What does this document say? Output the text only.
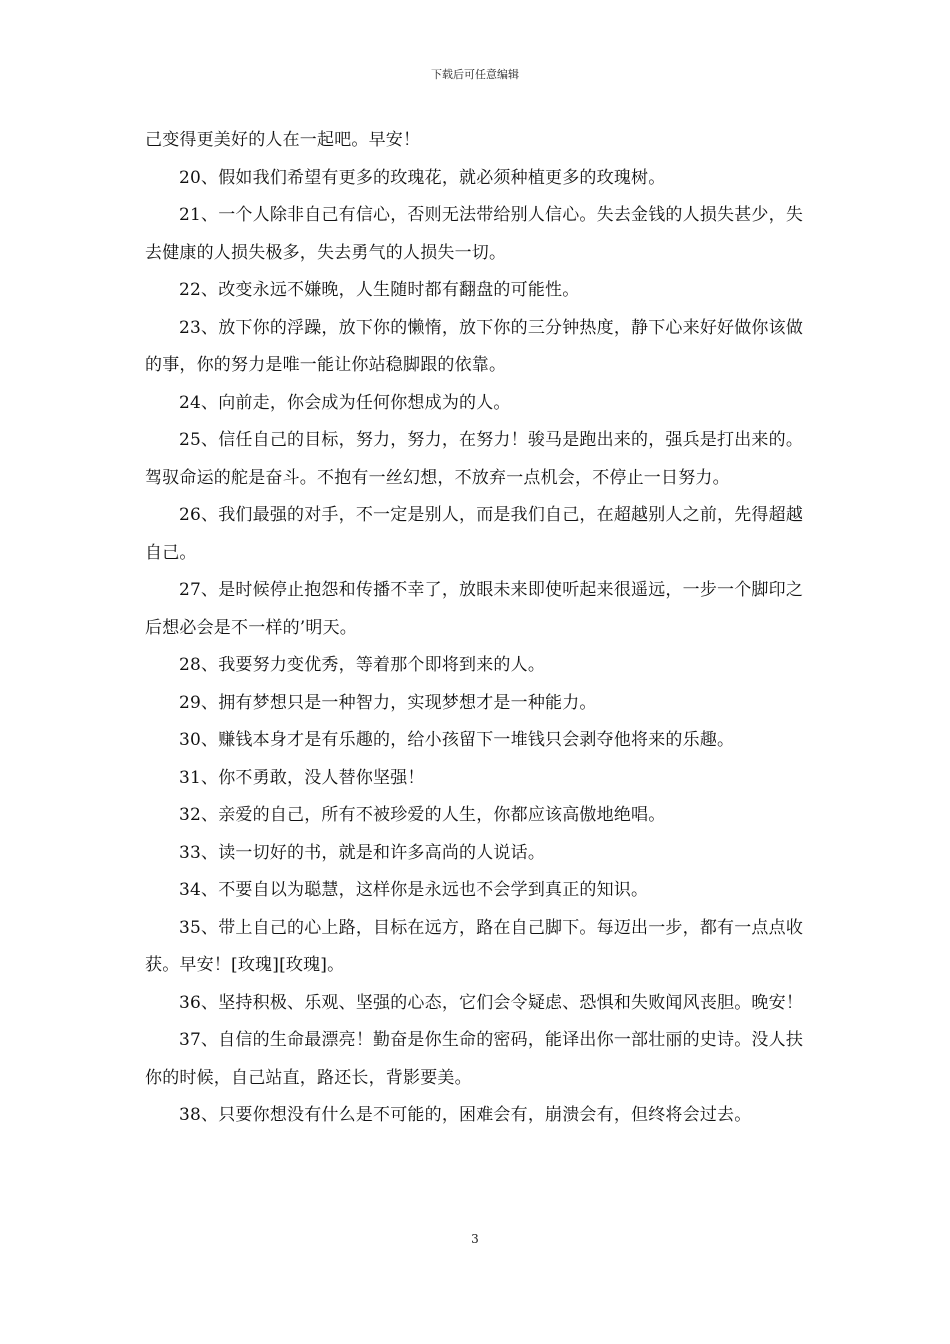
下载后可任意编辑

己变得更美好的人在一起吧。早安！

20、假如我们希望有更多的玫瑰花，就必须种植更多的玫瑰树。

21、一个人除非自己有信心，否则无法带给别人信心。失去金钱的人损失甚少，失去健康的人损失极多，失去勇气的人损失一切。

22、改变永远不嫌晚，人生随时都有翻盘的可能性。

23、放下你的浮躁，放下你的懒惰，放下你的三分钟热度，静下心来好好做你该做的事，你的努力是唯一能让你站稳脚跟的依靠。

24、向前走，你会成为任何你想成为的人。

25、信任自己的目标，努力，努力，在努力！骏马是跑出来的，强兵是打出来的。驾驭命运的舵是奋斗。不抱有一丝幻想，不放弃一点机会，不停止一日努力。

26、我们最强的对手，不一定是别人，而是我们自己，在超越别人之前，先得超越自己。

27、是时候停止抱怨和传播不幸了，放眼未来即使听起来很遥远，一步一个脚印之后想必会是不一样的’明天。

28、我要努力变优秀，等着那个即将到来的人。

29、拥有梦想只是一种智力，实现梦想才是一种能力。

30、赚钱本身才是有乐趣的，给小孩留下一堆钱只会剥夺他将来的乐趣。

31、你不勇敢，没人替你坚强！

32、亲爱的自己，所有不被珍爱的人生，你都应该高傲地绝唱。

33、读一切好的书，就是和许多高尚的人说话。

34、不要自以为聪慧，这样你是永远也不会学到真正的知识。

35、带上自己的心上路，目标在远方，路在自己脚下。每迈出一步，都有一点点收获。早安！[玫瑰][玫瑰]。

36、坚持积极、乐观、坚强的心态，它们会令疑虑、恐惧和失败闻风丧胆。晚安！

37、自信的生命最漂亮！勤奋是你生命的密码，能译出你一部壮丽的史诗。没人扶你的时候，自己站直，路还长，背影要美。

38、只要你想没有什么是不可能的，困难会有，崩溃会有，但终将会过去。

3
